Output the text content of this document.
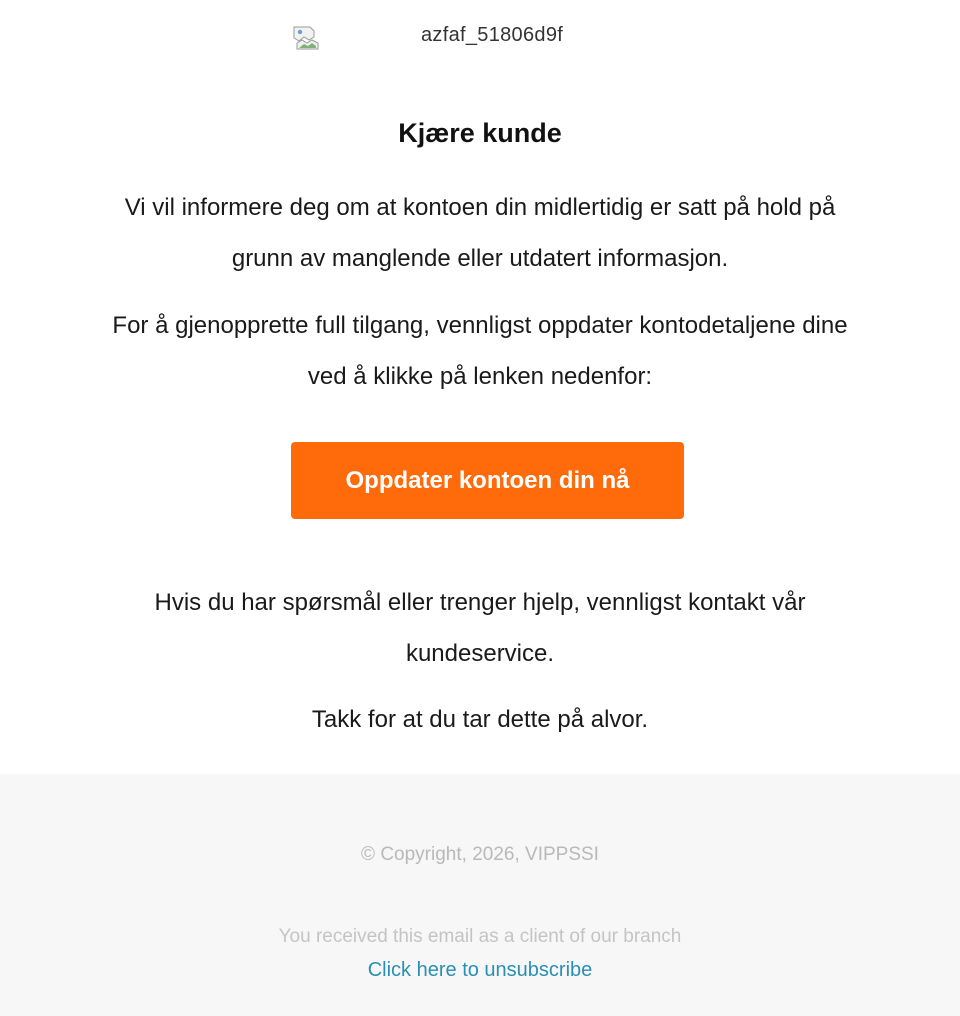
azfaf_51806d9f
Kjære kunde
Vi vil informere deg om at kontoen din midlertidig er satt på hold på grunn av manglende eller utdatert informasjon.
For å gjenopprette full tilgang, vennligst oppdater kontodetaljene dine ved å klikke på lenken nedenfor:
Oppdater kontoen din nå
Hvis du har spørsmål eller trenger hjelp, vennligst kontakt vår kundeservice.
Takk for at du tar dette på alvor.
© Copyright, 2026, VIPPSSI
You received this email as a client of our branch
Click here to unsubscribe
